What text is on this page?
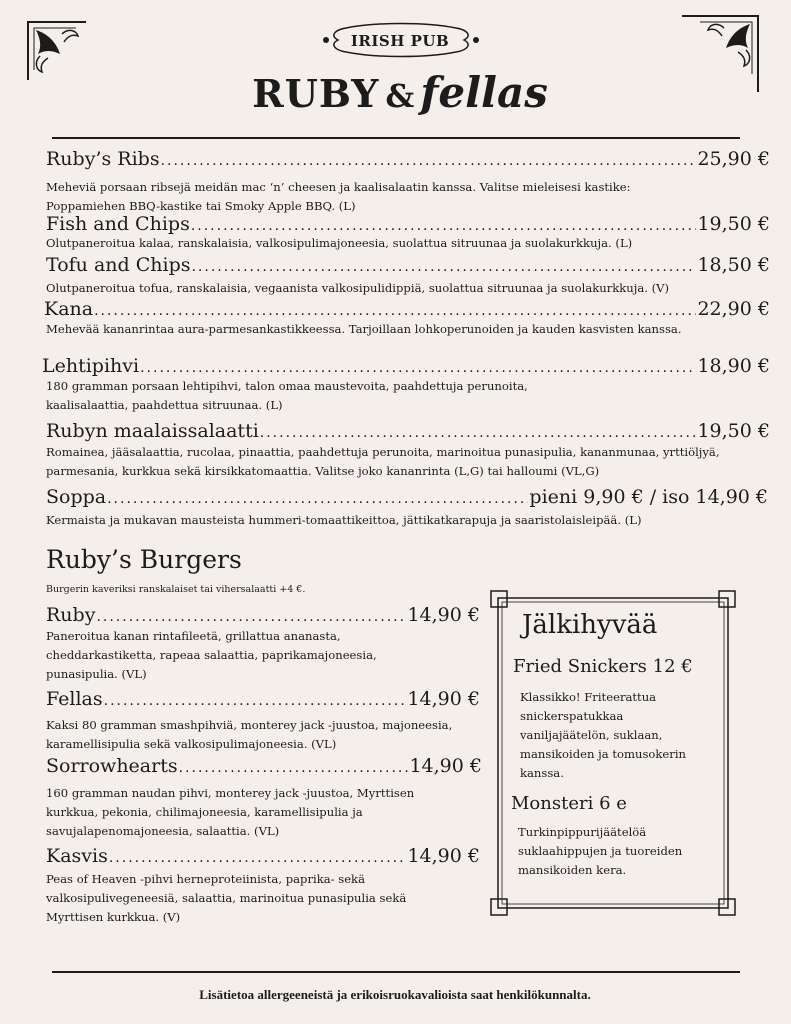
IRISH PUB
RUBY & fellas
Ruby’s Ribs .....	25,90 €
Meheviä porsaan ribsejä meidän mac ‘n’ cheesen ja kaalisalaatin kanssa. Valitse mieleisesi kastike: Poppamiehen BBQ-kastike tai Smoky Apple BBQ. (L)
Fish and Chips .....	19,50 €
Olutpaneroitua kalaa, ranskalaisia, valkosipulimajoneesia, suolattua sitruunaa ja suolakurkkuja. (L)
Tofu and Chips .....	18,50 €
Olutpaneroitua tofua, ranskalaisia, vegaanista valkosipulidippiä, suolattua sitruunaa ja suolakurkkuja. (V)
Kana .....	22,90 €
Mehevää kananrintaa aura-parmesankastikkeessa. Tarjoillaan lohkoperunoiden ja kauden kasvisten kanssa.
Lehtipihvi .....	18,90 €
180 gramman porsaan lehtipihvi, talon omaa maustevoita, paahdettuja perunoita, kaalisalaattia, paahdettua sitruunaa. (L)
Rubyn maalaissalaatti .....	19,50 €
Romainea, jääsalaattia, rucolaa, pinaattia, paahdettuja perunoita, marinoitua punasipulia, kananmunaa, yrttiöljyä, parmesania, kurkkua sekä kirsikkatomaattia. Valitse joko kananrinta (L,G) tai halloumi (VL,G)
Soppa .....	pieni 9,90 € / iso 14,90 €
Kermaista ja mukavan mausteista hummeri-tomaattikeittoa, jättikatkarapuja ja saaristolaisleipää. (L)
Ruby’s Burgers
Burgerin kaveriksi ranskalaiset tai vihersalaatti +4 €.
Ruby .....	14,90 €
Paneroitua kanan rintafileetä, grillattua ananasta, cheddarkastiketta, rapeaa salaattia, paprikamajoneesia, punasipulia. (VL)
Fellas .....	14,90 €
Kaksi 80 gramman smashpihviä, monterey jack -juustoa, majoneesia, karamellisipulia sekä valkosipulimajoneesia. (VL)
Sorrowhearts .....	14,90 €
160 gramman naudan pihvi, monterey jack -juustoa, Myrttisen kurkkua, pekonia, chilimajoneesia, karamellisipulia ja savujalapenomajoneesia, salaattia. (VL)
Kasvis .....	14,90 €
Peas of Heaven -pihvi herneproteiinista, paprika- sekä valkosipulivegeneesiä, salaattia, marinoitua punasipulia sekä Myrttisen kurkkua. (V)
Jälkihyvää
Fried Snickers 12 €
Klassikko! Friteerattua snickerspatukkaa vaniljajäätelön, suklaan, mansikoiden ja tomusokerin kanssa.
Monsteri 6 e
Turkinpippurijäätelöä suklaahippujen ja tuoreiden mansikoiden kera.
Lisätietoa allergeeneistä ja erikoisruokavalioista saat henkilökunnalta.
